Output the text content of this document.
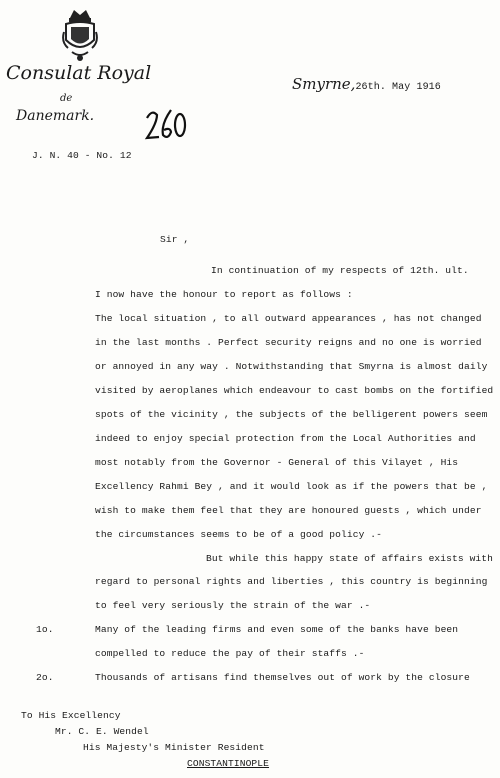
Consulat Royal
de
Danemark.
Smyrne,26th. May 1916
J. N. 40 - No. 12
Sir ,
In continuation of my respects of 12th. ult.
I now have the honour to report as follows :
The local situation , to all outward appearances , has not changed
in the last months . Perfect security reigns and no one is worried
or annoyed in any way . Notwithstanding that Smyrna is almost daily
visited by aeroplanes which endeavour to cast bombs on the fortified
spots of the vicinity , the subjects of the belligerent powers seem
indeed to enjoy special protection from the Local Authorities and
most notably from the Governor - General of this Vilayet , His
Excellency Rahmi Bey , and it would look as if the powers that be ,
wish to make them feel that they are honoured guests , which under
the circumstances seems to be of a good policy .-
But while this happy state of affairs exists with
regard to personal rights and liberties , this country is beginning
to feel very seriously the strain of the war .-
1o.	Many of the leading firms and even some of the banks have been
compelled to reduce the pay of their staffs .-
2o.	Thousands of artisans find themselves out of work by the closure
To His Excellency
Mr. C. E. Wendel
His Majesty's Minister Resident
CONSTANTINOPLE
